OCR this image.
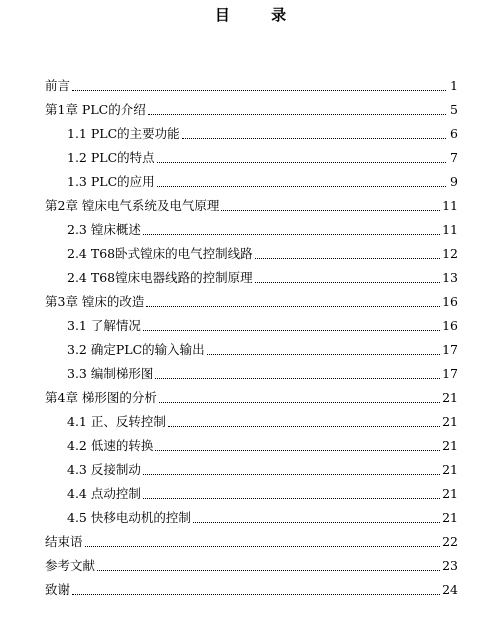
目 录
前言	1
第1章 PLC的介绍	5
1.1 PLC的主要功能	6
1.2 PLC的特点	7
1.3 PLC的应用	9
第2章 镗床电气系统及电气原理	11
2.3 镗床概述	11
2.4 T68卧式镗床的电气控制线路	12
2.4 T68镗床电器线路的控制原理	13
第3章 镗床的改造	16
3.1 了解情况	16
3.2 确定PLC的输入输出	17
3.3 编制梯形图	17
第4章 梯形图的分析	21
4.1 正、反转控制	21
4.2 低速的转换	21
4.3 反接制动	21
4.4 点动控制	21
4.5 快移电动机的控制	21
结束语	22
参考文献	23
致谢	24
